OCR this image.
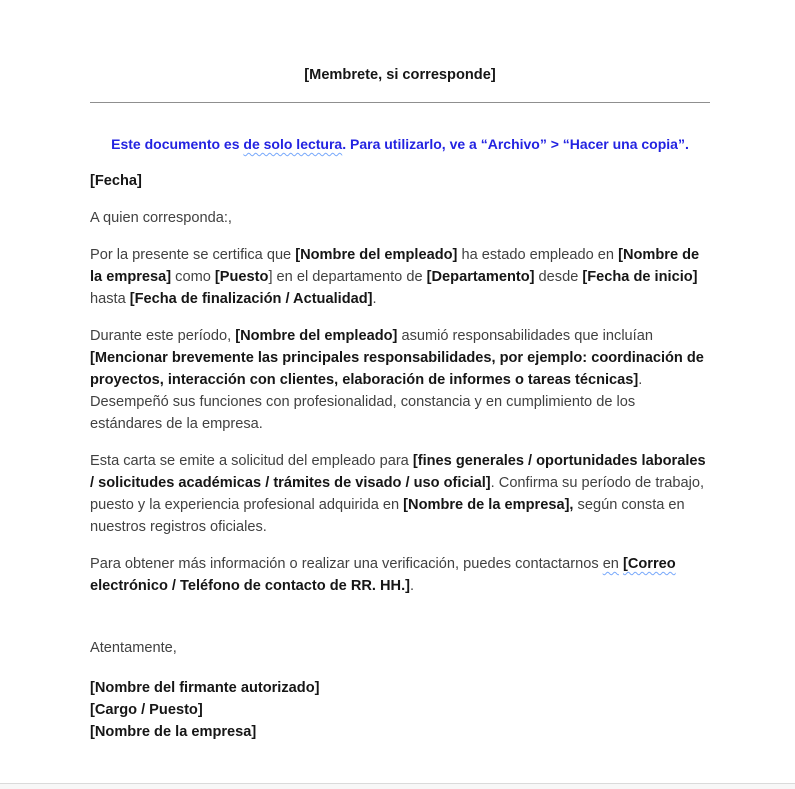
[Membrete, si corresponde]

Este documento es de solo lectura. Para utilizarlo, ve a “Archivo” > “Hacer una copia”.

[Fecha]

A quien corresponda:,

Por la presente se certifica que [Nombre del empleado] ha estado empleado en [Nombre de la empresa] como [Puesto] en el departamento de [Departamento] desde [Fecha de inicio] hasta [Fecha de finalización / Actualidad].

Durante este período, [Nombre del empleado] asumió responsabilidades que incluían [Mencionar brevemente las principales responsabilidades, por ejemplo: coordinación de proyectos, interacción con clientes, elaboración de informes o tareas técnicas]. Desempeñó sus funciones con profesionalidad, constancia y en cumplimiento de los estándares de la empresa.

Esta carta se emite a solicitud del empleado para [fines generales / oportunidades laborales / solicitudes académicas / trámites de visado / uso oficial]. Confirma su período de trabajo, puesto y la experiencia profesional adquirida en [Nombre de la empresa], según consta en nuestros registros oficiales.

Para obtener más información o realizar una verificación, puedes contactarnos en [Correo electrónico / Teléfono de contacto de RR. HH.].

Atentamente,

[Nombre del firmante autorizado]

[Cargo / Puesto]

[Nombre de la empresa]
